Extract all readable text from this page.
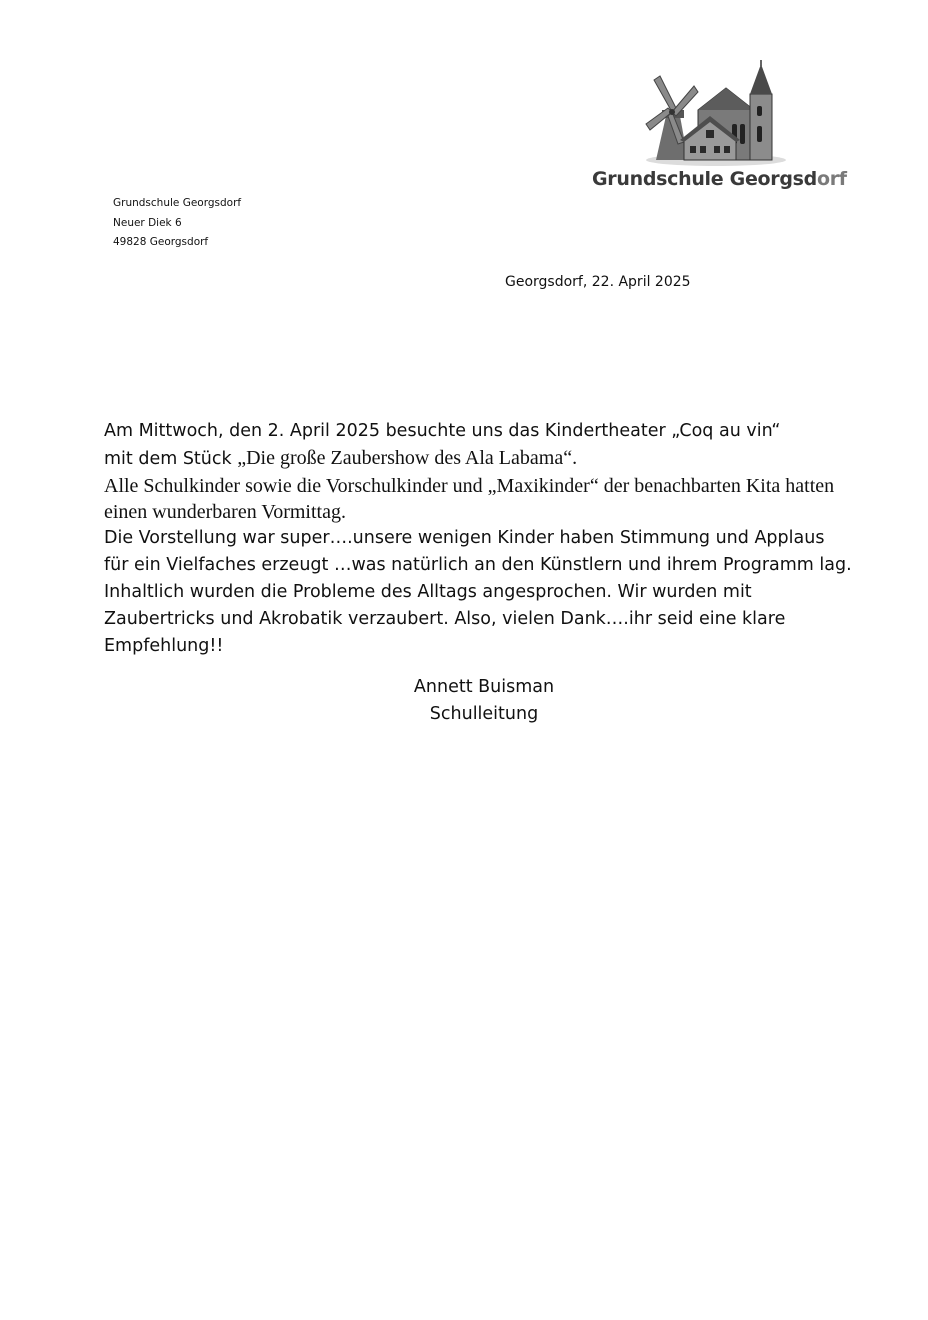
Grundschule Georgsdorf
Grundschule Georgsdorf
Neuer Diek 6
49828 Georgsdorf
Georgsdorf, 22. April 2025
Am Mittwoch, den 2. April 2025 besuchte uns das Kindertheater „Coq au vin“
mit dem Stück „Die große Zaubershow des Ala Labama“.
Alle Schulkinder sowie die Vorschulkinder und „Maxikinder“ der benachbarten Kita hatten
einen wunderbaren Vormittag.
Die Vorstellung war super….unsere wenigen Kinder haben Stimmung und Applaus
für ein Vielfaches erzeugt …was natürlich an den Künstlern und ihrem Programm lag.
Inhaltlich wurden die Probleme des Alltags angesprochen. Wir wurden mit
Zaubertricks und Akrobatik verzaubert. Also, vielen Dank….ihr seid eine klare
Empfehlung!!
Annett Buisman
Schulleitung
